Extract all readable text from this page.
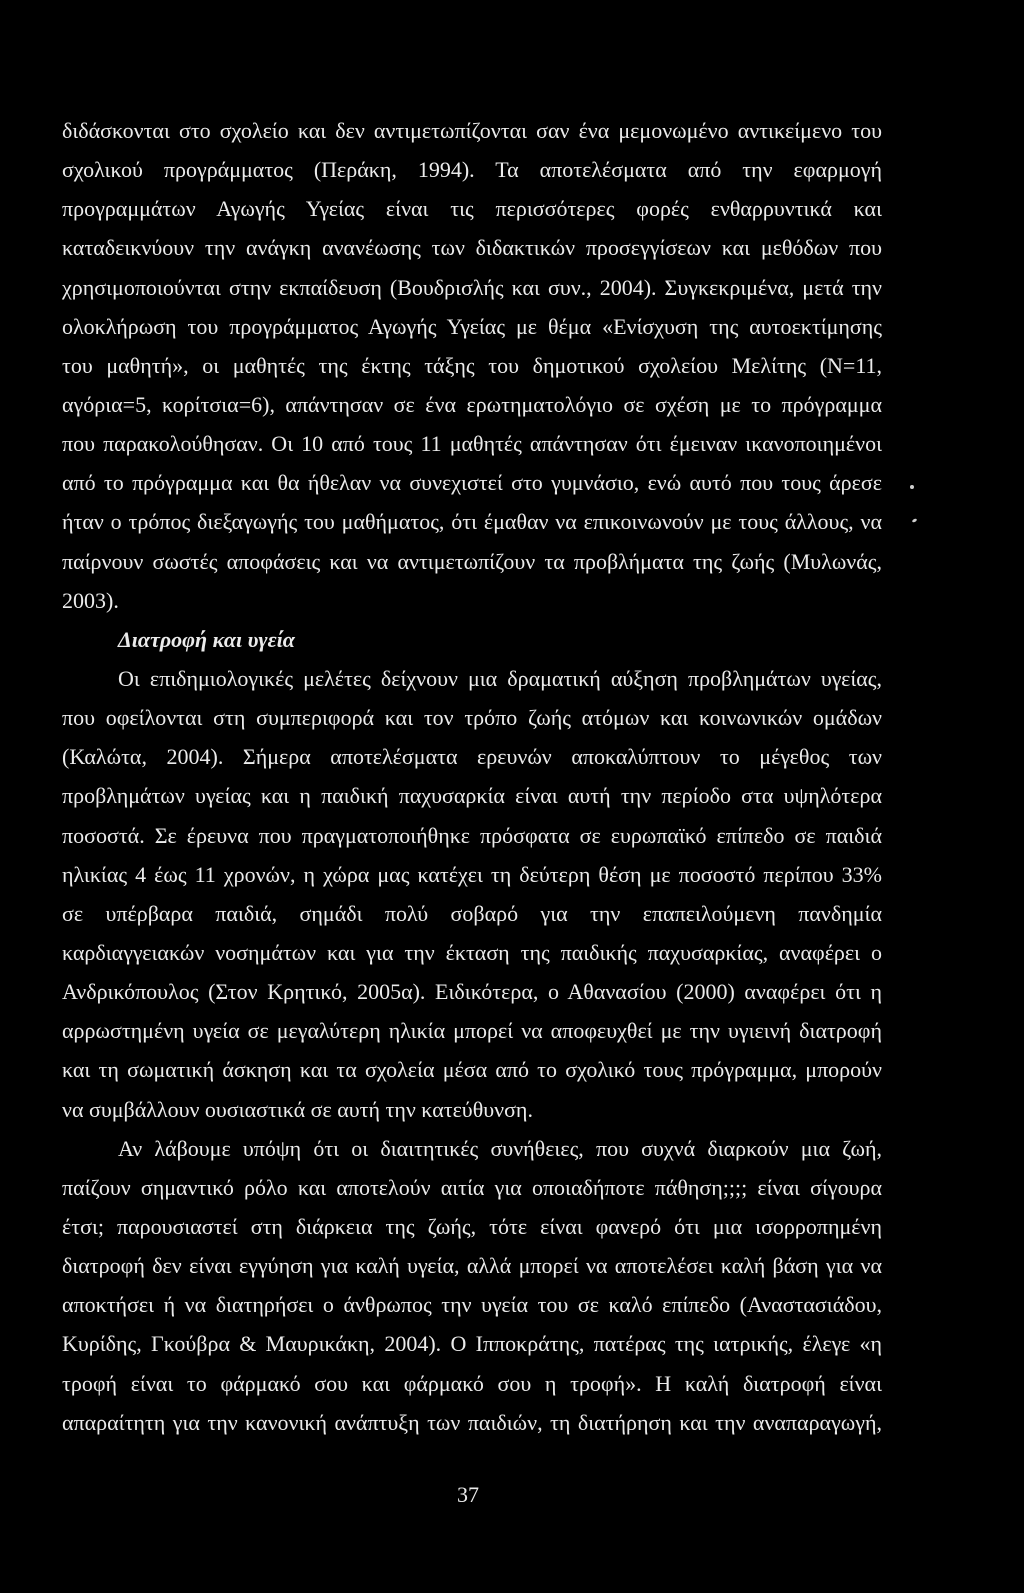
διδάσκονται στο σχολείο και δεν αντιμετωπίζονται σαν ένα μεμονωμένο αντικείμενο του
σχολικού προγράμματος (Περάκη, 1994). Τα αποτελέσματα από την εφαρμογή
προγραμμάτων Αγωγής Υγείας είναι τις περισσότερες φορές ενθαρρυντικά και
καταδεικνύουν την ανάγκη ανανέωσης των διδακτικών προσεγγίσεων και μεθόδων που
χρησιμοποιούνται στην εκπαίδευση (Βουδρισλής και συν., 2004). Συγκεκριμένα, μετά την
ολοκλήρωση του προγράμματος Αγωγής Υγείας με θέμα «Ενίσχυση της αυτοεκτίμησης
του μαθητή», οι μαθητές της έκτης τάξης του δημοτικού σχολείου Μελίτης (Ν=11,
αγόρια=5, κορίτσια=6), απάντησαν σε ένα ερωτηματολόγιο σε σχέση με το πρόγραμμα
που παρακολούθησαν. Οι 10 από τους 11 μαθητές απάντησαν ότι έμειναν ικανοποιημένοι
από το πρόγραμμα και θα ήθελαν να συνεχιστεί στο γυμνάσιο, ενώ αυτό που τους άρεσε
ήταν ο τρόπος διεξαγωγής του μαθήματος, ότι έμαθαν να επικοινωνούν με τους άλλους, να
παίρνουν σωστές αποφάσεις και να αντιμετωπίζουν τα προβλήματα της ζωής (Μυλωνάς,
2003).
Διατροφή και υγεία
Οι επιδημιολογικές μελέτες δείχνουν μια δραματική αύξηση προβλημάτων υγείας,
που οφείλονται στη συμπεριφορά και τον τρόπο ζωής ατόμων και κοινωνικών ομάδων
(Καλώτα, 2004). Σήμερα αποτελέσματα ερευνών αποκαλύπτουν το μέγεθος των
προβλημάτων υγείας και η παιδική παχυσαρκία είναι αυτή την περίοδο στα υψηλότερα
ποσοστά. Σε έρευνα που πραγματοποιήθηκε πρόσφατα σε ευρωπαϊκό επίπεδο σε παιδιά
ηλικίας 4 έως 11 χρονών, η χώρα μας κατέχει τη δεύτερη θέση με ποσοστό περίπου 33%
σε υπέρβαρα παιδιά, σημάδι πολύ σοβαρό για την επαπειλούμενη πανδημία
καρδιαγγειακών νοσημάτων και για την έκταση της παιδικής παχυσαρκίας, αναφέρει ο
Ανδρικόπουλος (Στον Κρητικό, 2005α). Ειδικότερα, ο Αθανασίου (2000) αναφέρει ότι η
αρρωστημένη υγεία σε μεγαλύτερη ηλικία μπορεί να αποφευχθεί με την υγιεινή διατροφή
και τη σωματική άσκηση και τα σχολεία μέσα από το σχολικό τους πρόγραμμα, μπορούν
να συμβάλλουν ουσιαστικά σε αυτή την κατεύθυνση.
Αν λάβουμε υπόψη ότι οι διαιτητικές συνήθειες, που συχνά διαρκούν μια ζωή,
παίζουν σημαντικό ρόλο και αποτελούν αιτία για οποιαδήποτε πάθηση;;;; είναι σίγουρα
έτσι; παρουσιαστεί στη διάρκεια της ζωής, τότε είναι φανερό ότι μια ισορροπημένη
διατροφή δεν είναι εγγύηση για καλή υγεία, αλλά μπορεί να αποτελέσει καλή βάση για να
αποκτήσει ή να διατηρήσει ο άνθρωπος την υγεία του σε καλό επίπεδο (Αναστασιάδου,
Κυρίδης, Γκούβρα & Μαυρικάκη, 2004). Ο Ιπποκράτης, πατέρας της ιατρικής, έλεγε «η
τροφή είναι το φάρμακό σου και φάρμακό σου η τροφή». Η καλή διατροφή είναι
απαραίτητη για την κανονική ανάπτυξη των παιδιών, τη διατήρηση και την αναπαραγωγή,
37
